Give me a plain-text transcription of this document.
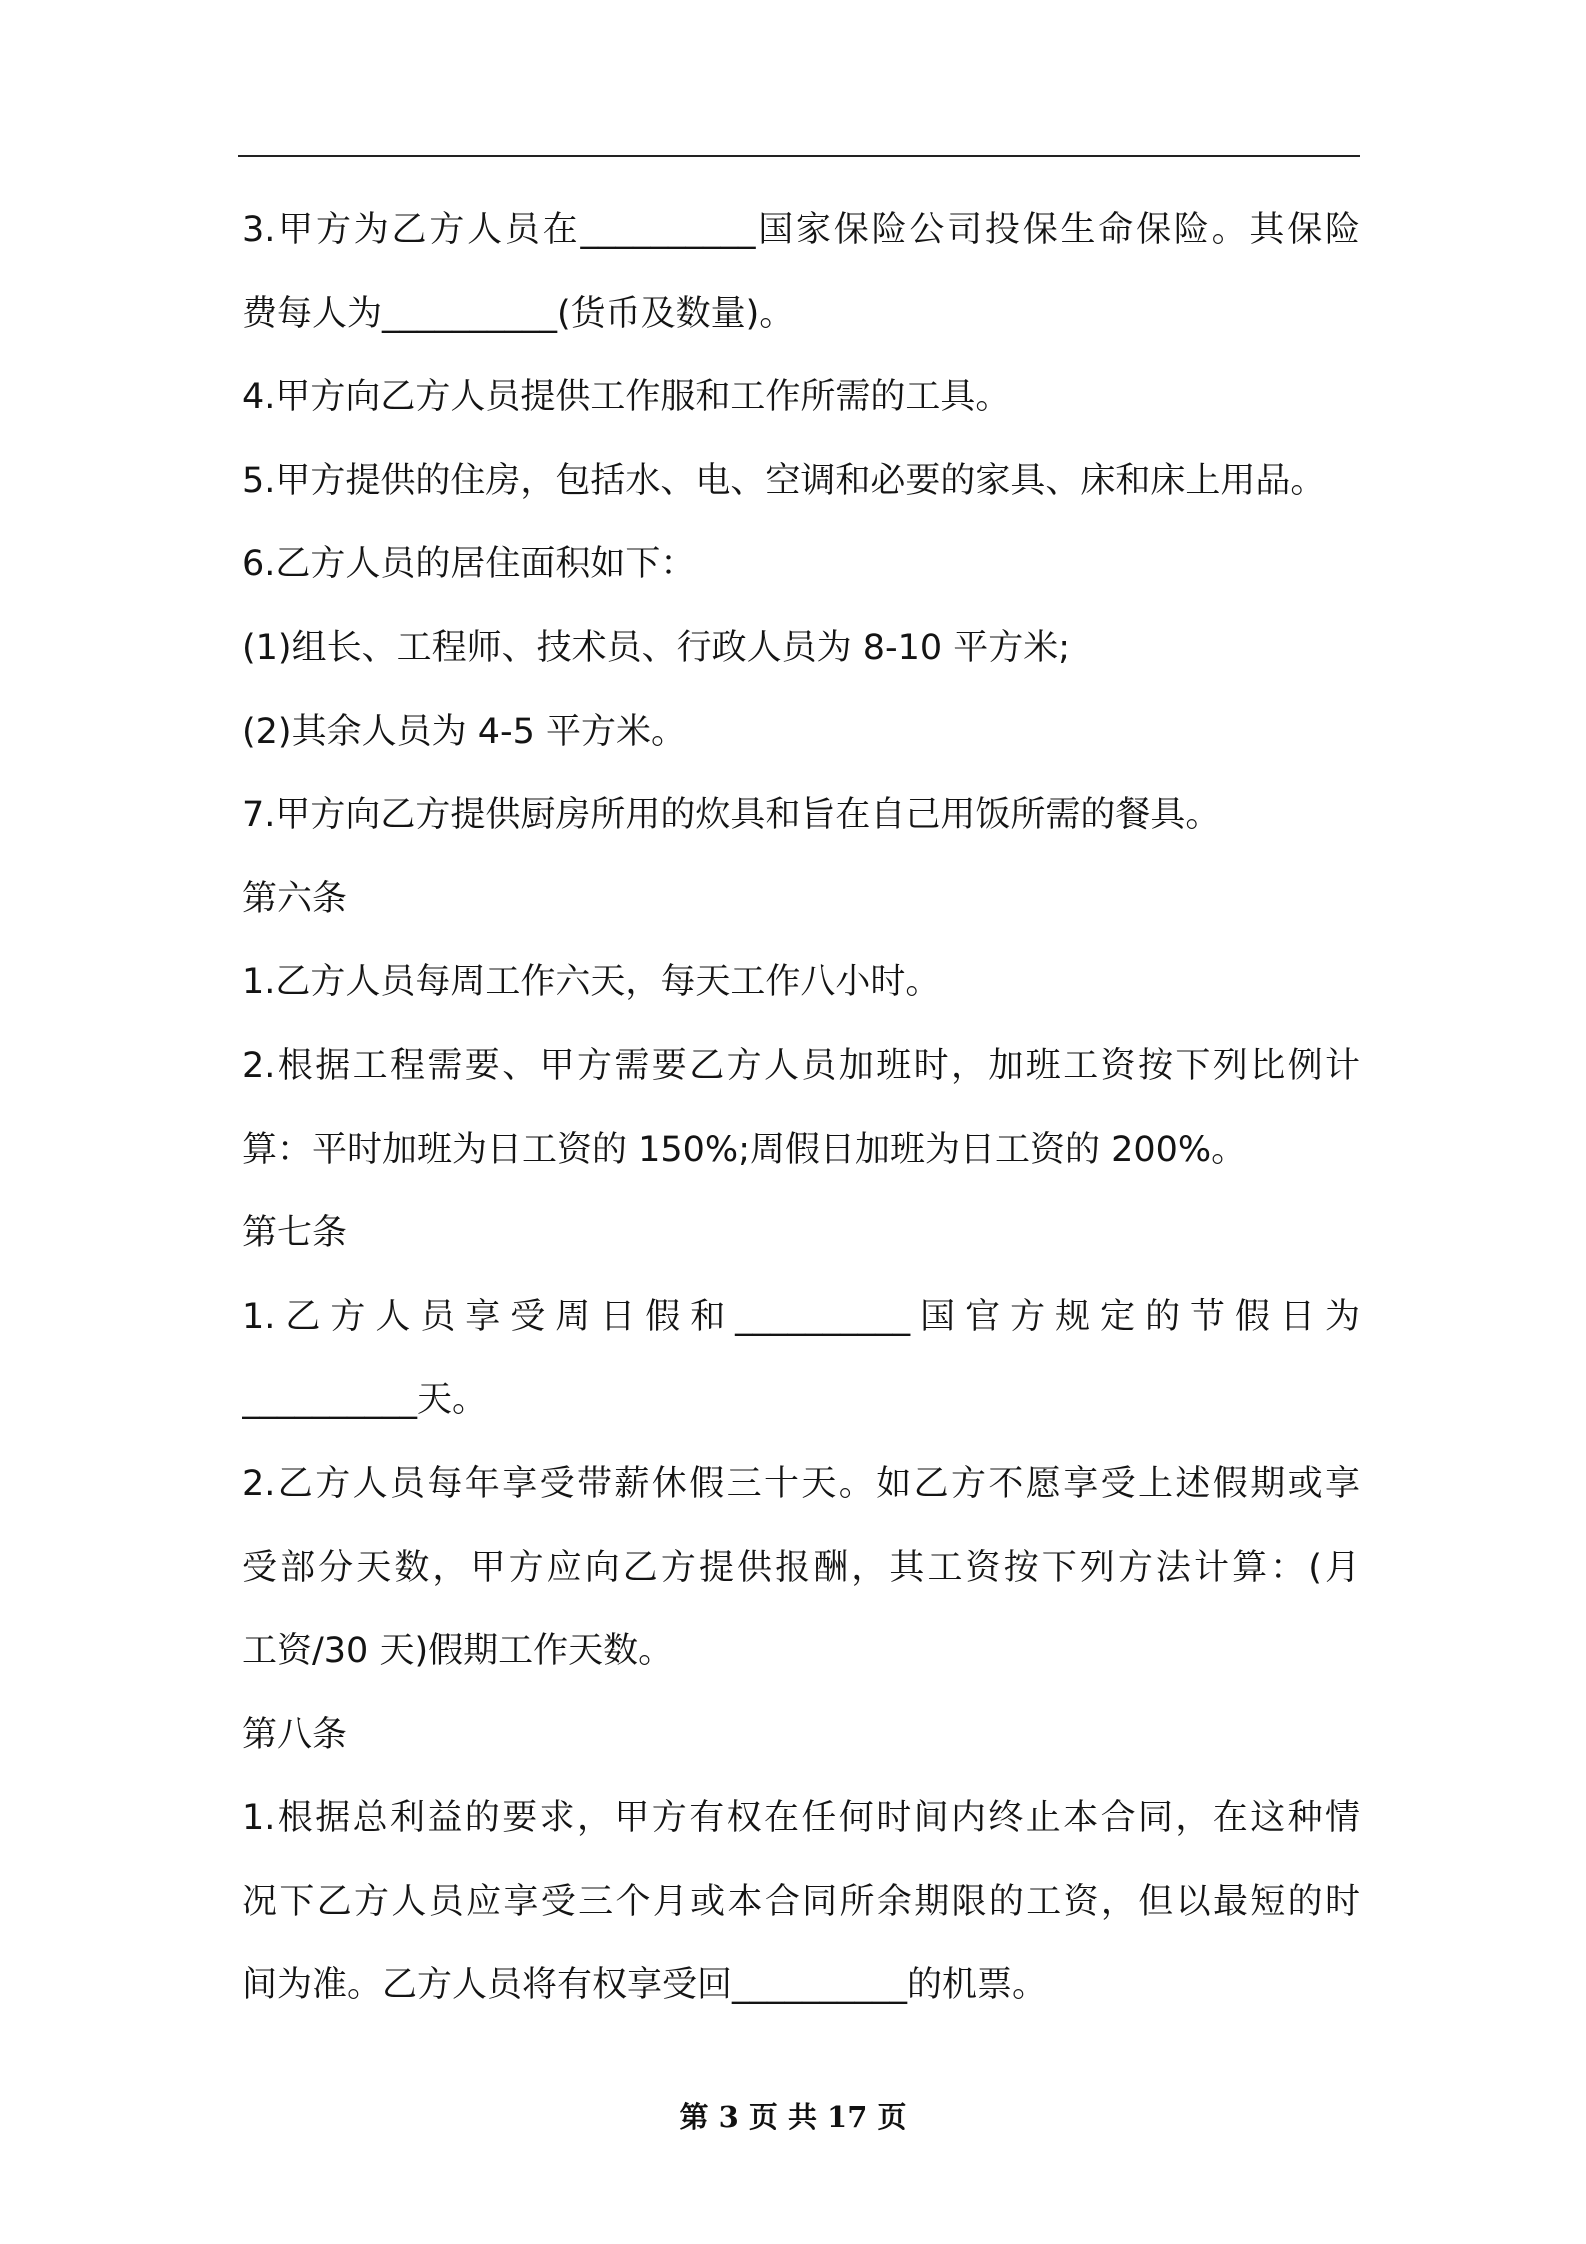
3.甲方为乙方人员在__________国家保险公司投保生命保险。其保险
费每人为__________(货币及数量)。
4.甲方向乙方人员提供工作服和工作所需的工具。
5.甲方提供的住房，包括水、电、空调和必要的家具、床和床上用品。
6.乙方人员的居住面积如下：
(1)组长、工程师、技术员、行政人员为 8-10 平方米;
(2)其余人员为 4-5 平方米。
7.甲方向乙方提供厨房所用的炊具和旨在自己用饭所需的餐具。
第六条
1.乙方人员每周工作六天，每天工作八小时。
2.根据工程需要、甲方需要乙方人员加班时，加班工资按下列比例计
算：平时加班为日工资的 150%;周假日加班为日工资的 200%。
第七条
1.乙方人员享受周日假和__________国官方规定的节假日为
__________天。
2.乙方人员每年享受带薪休假三十天。如乙方不愿享受上述假期或享
受部分天数，甲方应向乙方提供报酬，其工资按下列方法计算：(月
工资/30 天)假期工作天数。
第八条
1.根据总利益的要求，甲方有权在任何时间内终止本合同，在这种情
况下乙方人员应享受三个月或本合同所余期限的工资，但以最短的时
间为准。乙方人员将有权享受回__________的机票。
第 3 页 共 17 页
